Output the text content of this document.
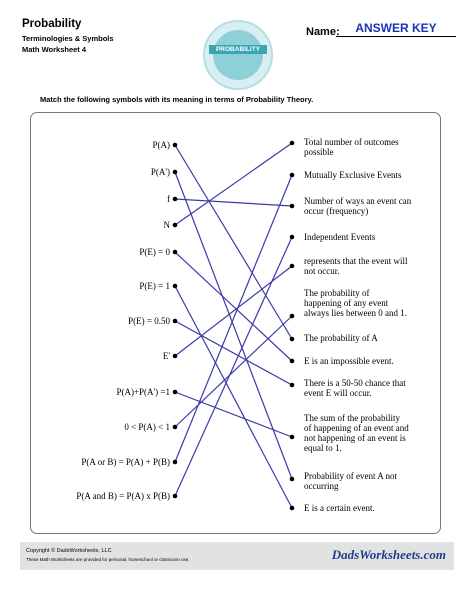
Probability
Terminologies & Symbols
Math Worksheet 4	PROBABILITY
Name:	ANSWER KEY
Match the following symbols with its meaning in terms of Probability Theory.
P(A)
P(A')
f
N
P(E) = 0
P(E) = 1
P(E) = 0.50
E'
P(A)+P(A') =1
0 < P(A) < 1
P(A or B) = P(A) + P(B)
P(A and B) = P(A) x P(B)
Total number of outcomes
possible
Mutually Exclusive Events
Number of ways an event can
occur (frequency)
Independent Events
represents that the event will
not occur.
The probability of
happening of any event
always lies between 0 and 1.
The probability of A
E is an impossible event.
There is a 50-50 chance that
event E will occur.
The sum of the probability
of happening of an event and
not happening of an event is
equal to 1.
Probability of event A not
occurring
E is a certain event.
Copyright © DadsWorksheets, LLC
These Math Worksheets are provided for personal, homeschool or classroom use.	DadsWorksheets.com
